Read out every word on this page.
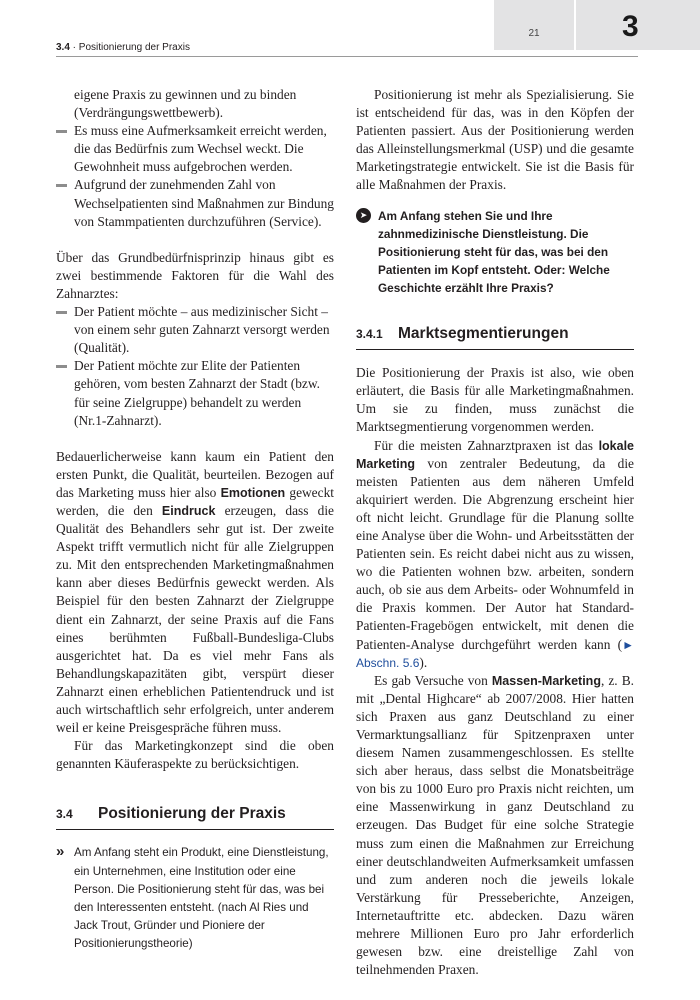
21	3
3.4 · Positionierung der Praxis
eigene Praxis zu gewinnen und zu binden (Verdrängungswettbewerb).
Es muss eine Aufmerksamkeit erreicht werden, die das Bedürfnis zum Wechsel weckt. Die Gewohnheit muss aufgebrochen werden.
Aufgrund der zunehmenden Zahl von Wechselpatienten sind Maßnahmen zur Bindung von Stammpatienten durchzuführen (Service).

Über das Grundbedürfnisprinzip hinaus gibt es zwei bestimmende Faktoren für die Wahl des Zahnarztes:

Der Patient möchte – aus medizinischer Sicht – von einem sehr guten Zahnarzt versorgt werden (Qualität).
Der Patient möchte zur Elite der Patienten gehören, vom besten Zahnarzt der Stadt (bzw. für seine Zielgruppe) behandelt zu werden (Nr.1-Zahnarzt).

Bedauerlicherweise kann kaum ein Patient den ersten Punkt, die Qualität, beurteilen. Bezogen auf das Marketing muss hier also Emotionen geweckt werden, die den Eindruck erzeugen, dass die Qualität des Behandlers sehr gut ist. Der zweite Aspekt trifft vermutlich nicht für alle Zielgruppen zu. Mit den entsprechenden Marketingmaßnahmen kann aber dieses Bedürfnis geweckt werden. Als Beispiel für den besten Zahnarzt der Zielgruppe dient ein Zahnarzt, der seine Praxis auf die Fans eines berühmten Fußball-Bundesliga-Clubs ausgerichtet hat. Da es viel mehr Fans als Behandlungskapazitäten gibt, verspürt dieser Zahnarzt einen erheblichen Patientendruck und ist auch wirtschaftlich sehr erfolgreich, unter anderem weil er keine Preisgespräche führen muss.

Für das Marketingkonzept sind die oben genannten Käuferaspekte zu berücksichtigen.

3.4	Positionierung der Praxis
» Am Anfang steht ein Produkt, eine Dienstleistung, ein Unternehmen, eine Institution oder eine Person. Die Positionierung steht für das, was bei den Interessenten entsteht. (nach Al Ries und Jack Trout, Gründer und Pioniere der Positionierungstheorie)

Positionierung ist mehr als Spezialisierung. Sie ist entscheidend für das, was in den Köpfen der Patienten passiert. Aus der Positionierung werden das Alleinstellungsmerkmal (USP) und die gesamte Marketingstrategie entwickelt. Sie ist die Basis für alle Maßnahmen der Praxis.

➤ Am Anfang stehen Sie und Ihre zahnmedizinische Dienstleistung. Die Positionierung steht für das, was bei den Patienten im Kopf entsteht. Oder: Welche Geschichte erzählt Ihre Praxis?
3.4.1 Marktsegmentierungen

Die Positionierung der Praxis ist also, wie oben erläutert, die Basis für alle Marketingmaßnahmen. Um sie zu finden, muss zunächst die Marktsegmentierung vorgenommen werden.

Für die meisten Zahnarztpraxen ist das lokale Marketing von zentraler Bedeutung, da die meisten Patienten aus dem näheren Umfeld akquiriert werden. Die Abgrenzung erscheint hier oft nicht leicht. Grundlage für die Planung sollte eine Analyse über die Wohn- und Arbeitsstätten der Patienten sein. Es reicht dabei nicht aus zu wissen, wo die Patienten wohnen bzw. arbeiten, sondern auch, ob sie aus dem Arbeits- oder Wohnumfeld in die Praxis kommen. Der Autor hat Standard-Patienten-Fragebögen entwickelt, mit denen die Patienten-Analyse durchgeführt werden kann (► Abschn. 5.6).

Es gab Versuche von Massen-Marketing, z. B. mit „Dental Highcare“ ab 2007/2008. Hier hatten sich Praxen aus ganz Deutschland zu einer Vermarktungsallianz für Spitzenpraxen unter diesem Namen zusammengeschlossen. Es stellte sich aber heraus, dass selbst die Monatsbeiträge von bis zu 1000 Euro pro Praxis nicht reichten, um eine Massenwirkung in ganz Deutschland zu erzeugen. Das Budget für eine solche Strategie muss zum einen die Maßnahmen zur Erreichung einer deutschlandweiten Aufmerksamkeit umfassen und zum anderen noch die jeweils lokale Verstärkung für Presseberichte, Anzeigen, Internetauftritte etc. abdecken. Dazu wären mehrere Millionen Euro pro Jahr erforderlich gewesen bzw. eine dreistellige Zahl von teilnehmenden Praxen.
